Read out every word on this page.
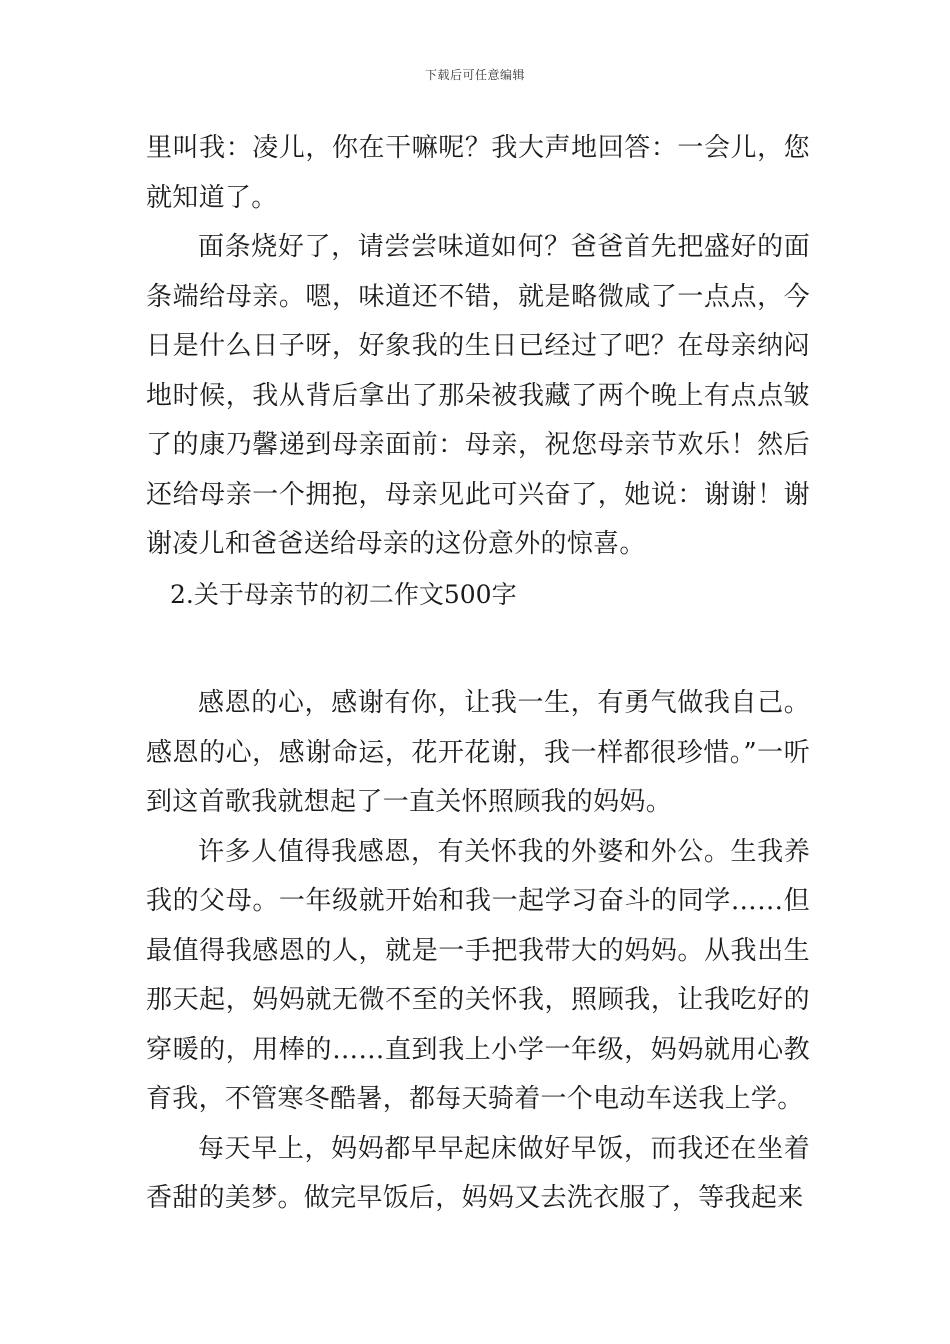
下载后可任意编辑

里叫我：凌儿，你在干嘛呢？我大声地回答：一会儿，您就知道了。

面条烧好了，请尝尝味道如何？爸爸首先把盛好的面条端给母亲。嗯，味道还不错，就是略微咸了一点点，今日是什么日子呀，好象我的生日已经过了吧？在母亲纳闷地时候，我从背后拿出了那朵被我藏了两个晚上有点点皱了的康乃馨递到母亲面前：母亲，祝您母亲节欢乐！然后还给母亲一个拥抱，母亲见此可兴奋了，她说：谢谢！谢谢凌儿和爸爸送给母亲的这份意外的惊喜。

2.关于母亲节的初二作文500字

感恩的心，感谢有你，让我一生，有勇气做我自己。感恩的心，感谢命运，花开花谢，我一样都很珍惜。”一听到这首歌我就想起了一直关怀照顾我的妈妈。

许多人值得我感恩，有关怀我的外婆和外公。生我养我的父母。一年级就开始和我一起学习奋斗的同学……但最值得我感恩的人，就是一手把我带大的妈妈。从我出生那天起，妈妈就无微不至的关怀我，照顾我，让我吃好的穿暖的，用棒的……直到我上小学一年级，妈妈就用心教育我，不管寒冬酷暑，都每天骑着一个电动车送我上学。

每天早上，妈妈都早早起床做好早饭，而我还在坐着香甜的美梦。做完早饭后，妈妈又去洗衣服了，等我起来
